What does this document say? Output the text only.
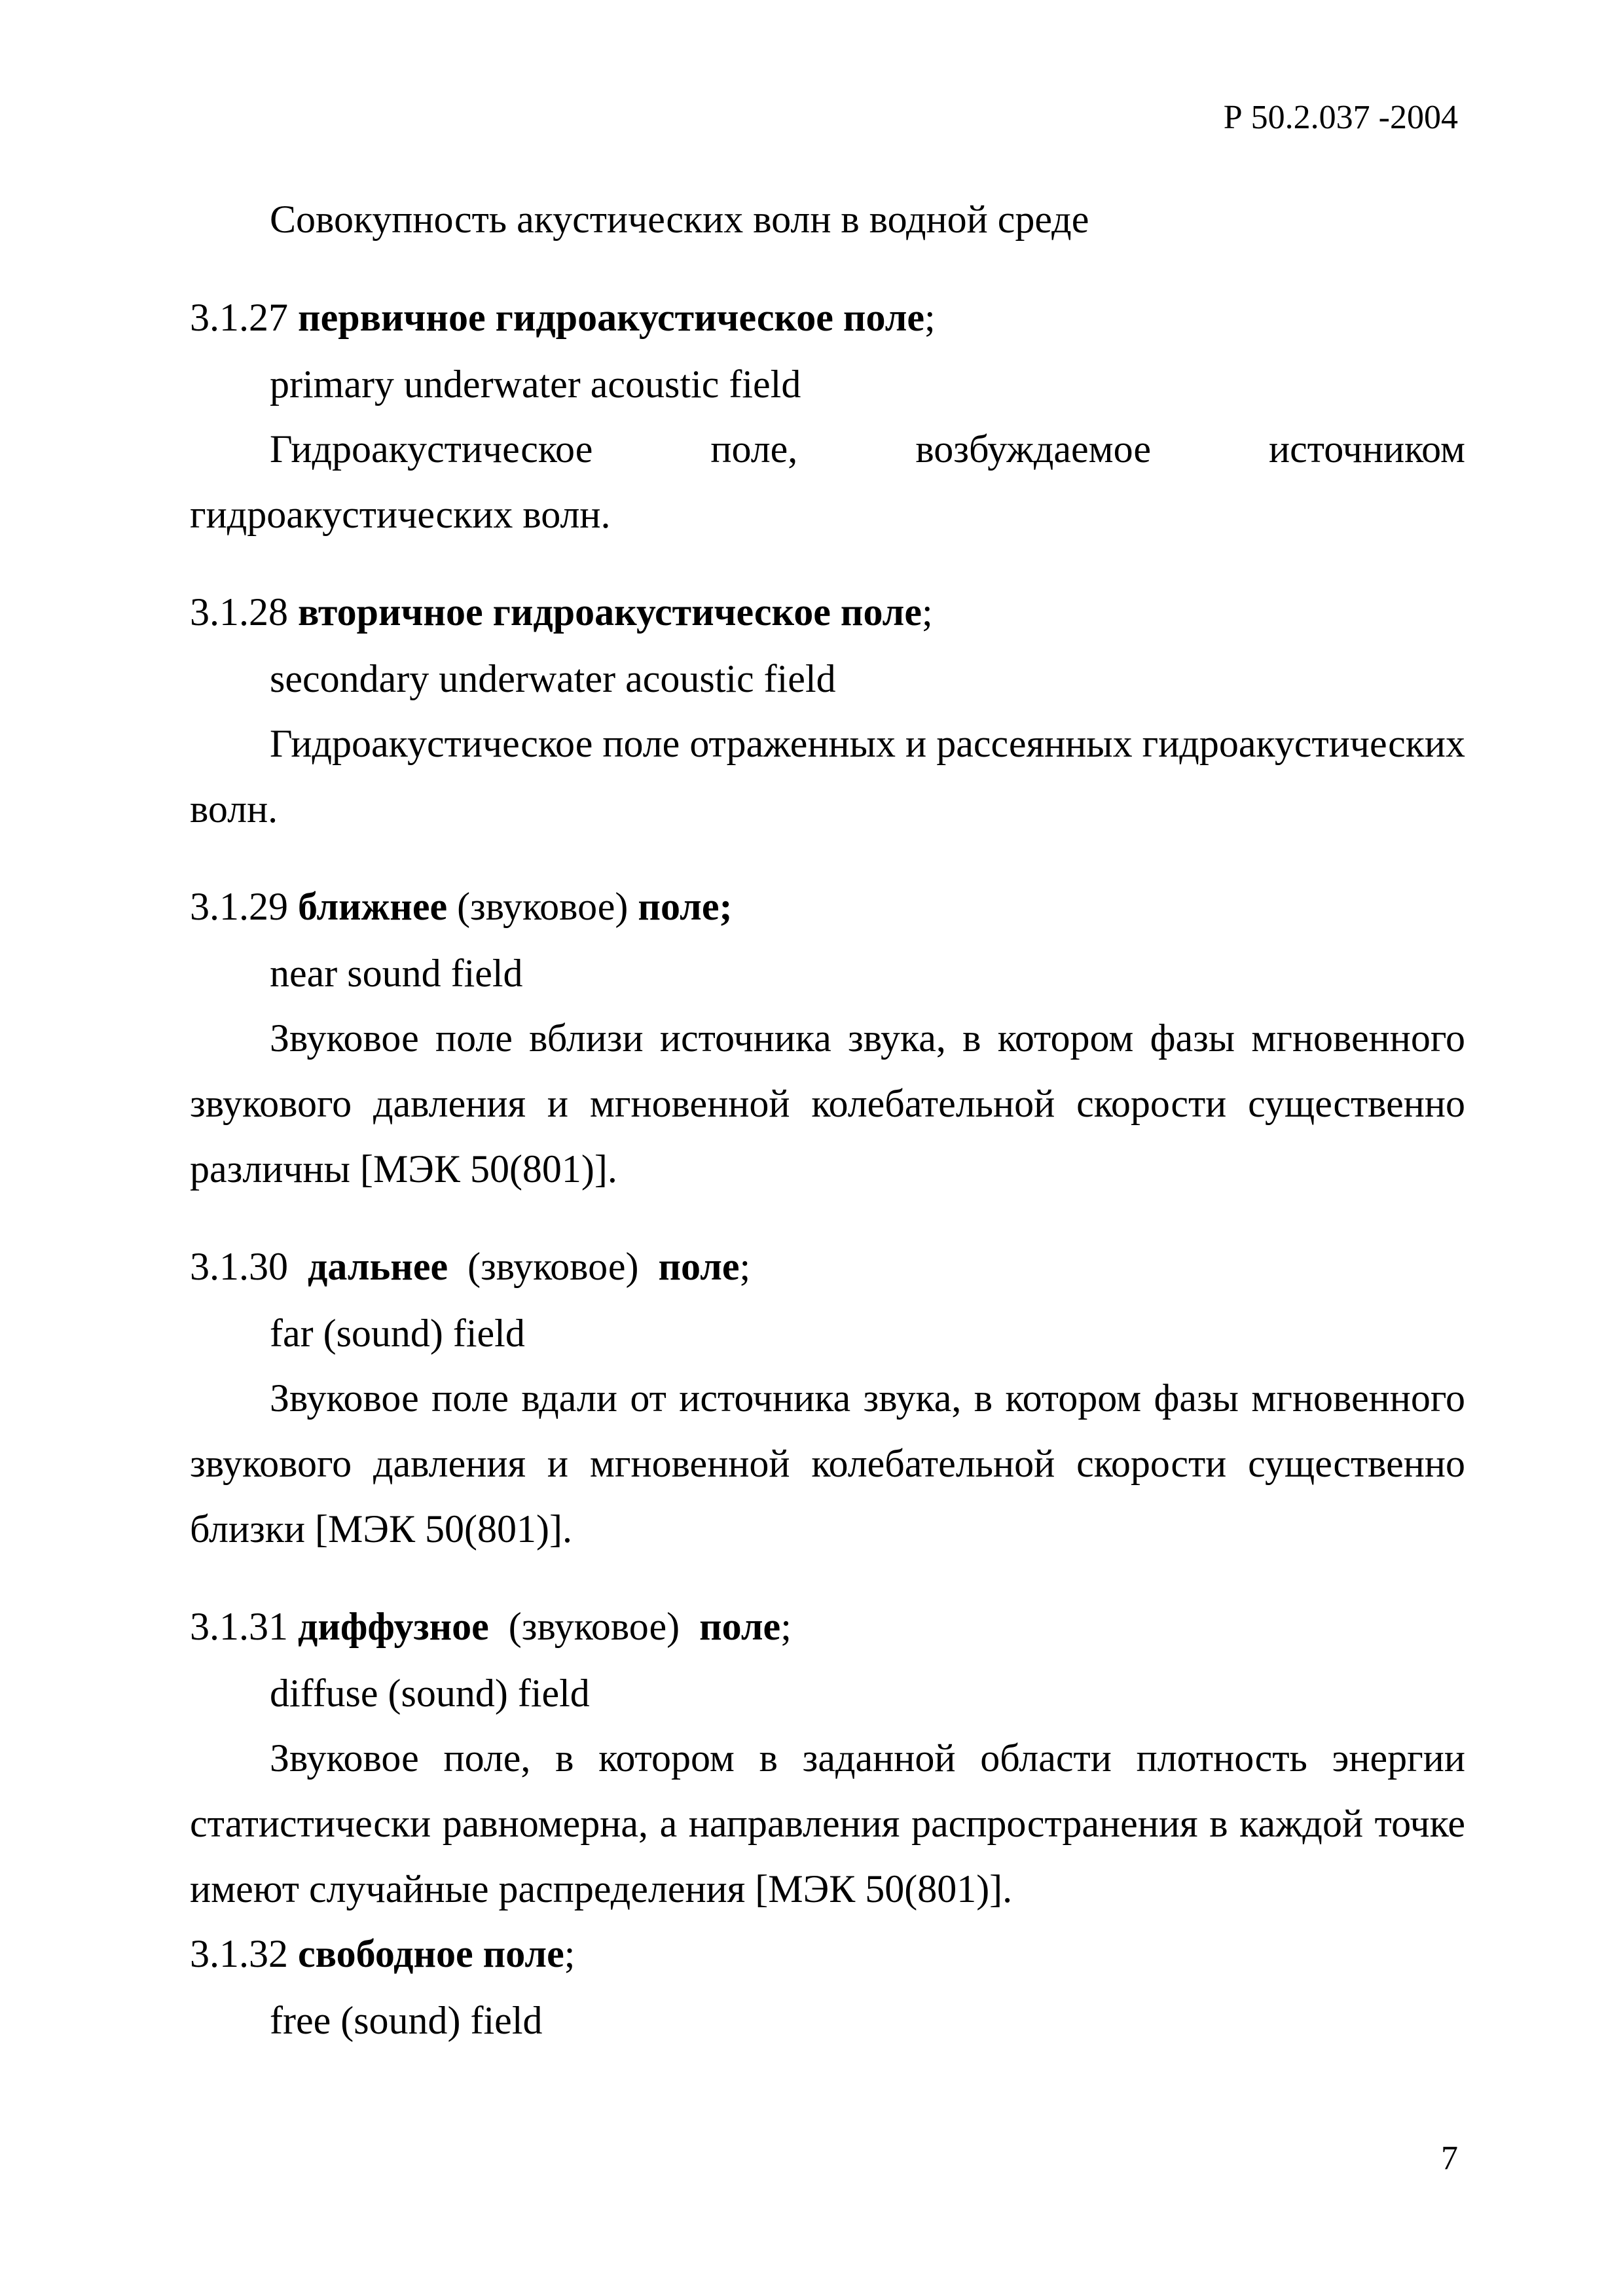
Р 50.2.037 -2004
Совокупность акустических волн в водной среде
3.1.27 первичное гидроакустическое поле;
primary underwater acoustic field
Гидроакустическое поле, возбуждаемое источником гидроакустических волн.
3.1.28 вторичное гидроакустическое поле;
secondary underwater acoustic field
Гидроакустическое поле отраженных и рассеянных гидроакустических волн.
3.1.29 ближнее (звуковое) поле;
near sound field
Звуковое поле вблизи источника звука, в котором фазы мгновенного звукового давления и мгновенной колебательной скорости существенно различны [МЭК 50(801)].
3.1.30 дальнее (звуковое) поле;
far (sound) field
Звуковое поле вдали от источника звука, в котором фазы мгновенного звукового давления и мгновенной колебательной скорости существенно близки [МЭК 50(801)].
3.1.31 диффузное (звуковое) поле;
diffuse (sound) field
Звуковое поле, в котором в заданной области плотность энергии статистически равномерна, а направления распространения в каждой точке имеют случайные распределения [МЭК 50(801)].
3.1.32 свободное поле;
free (sound) field
7
